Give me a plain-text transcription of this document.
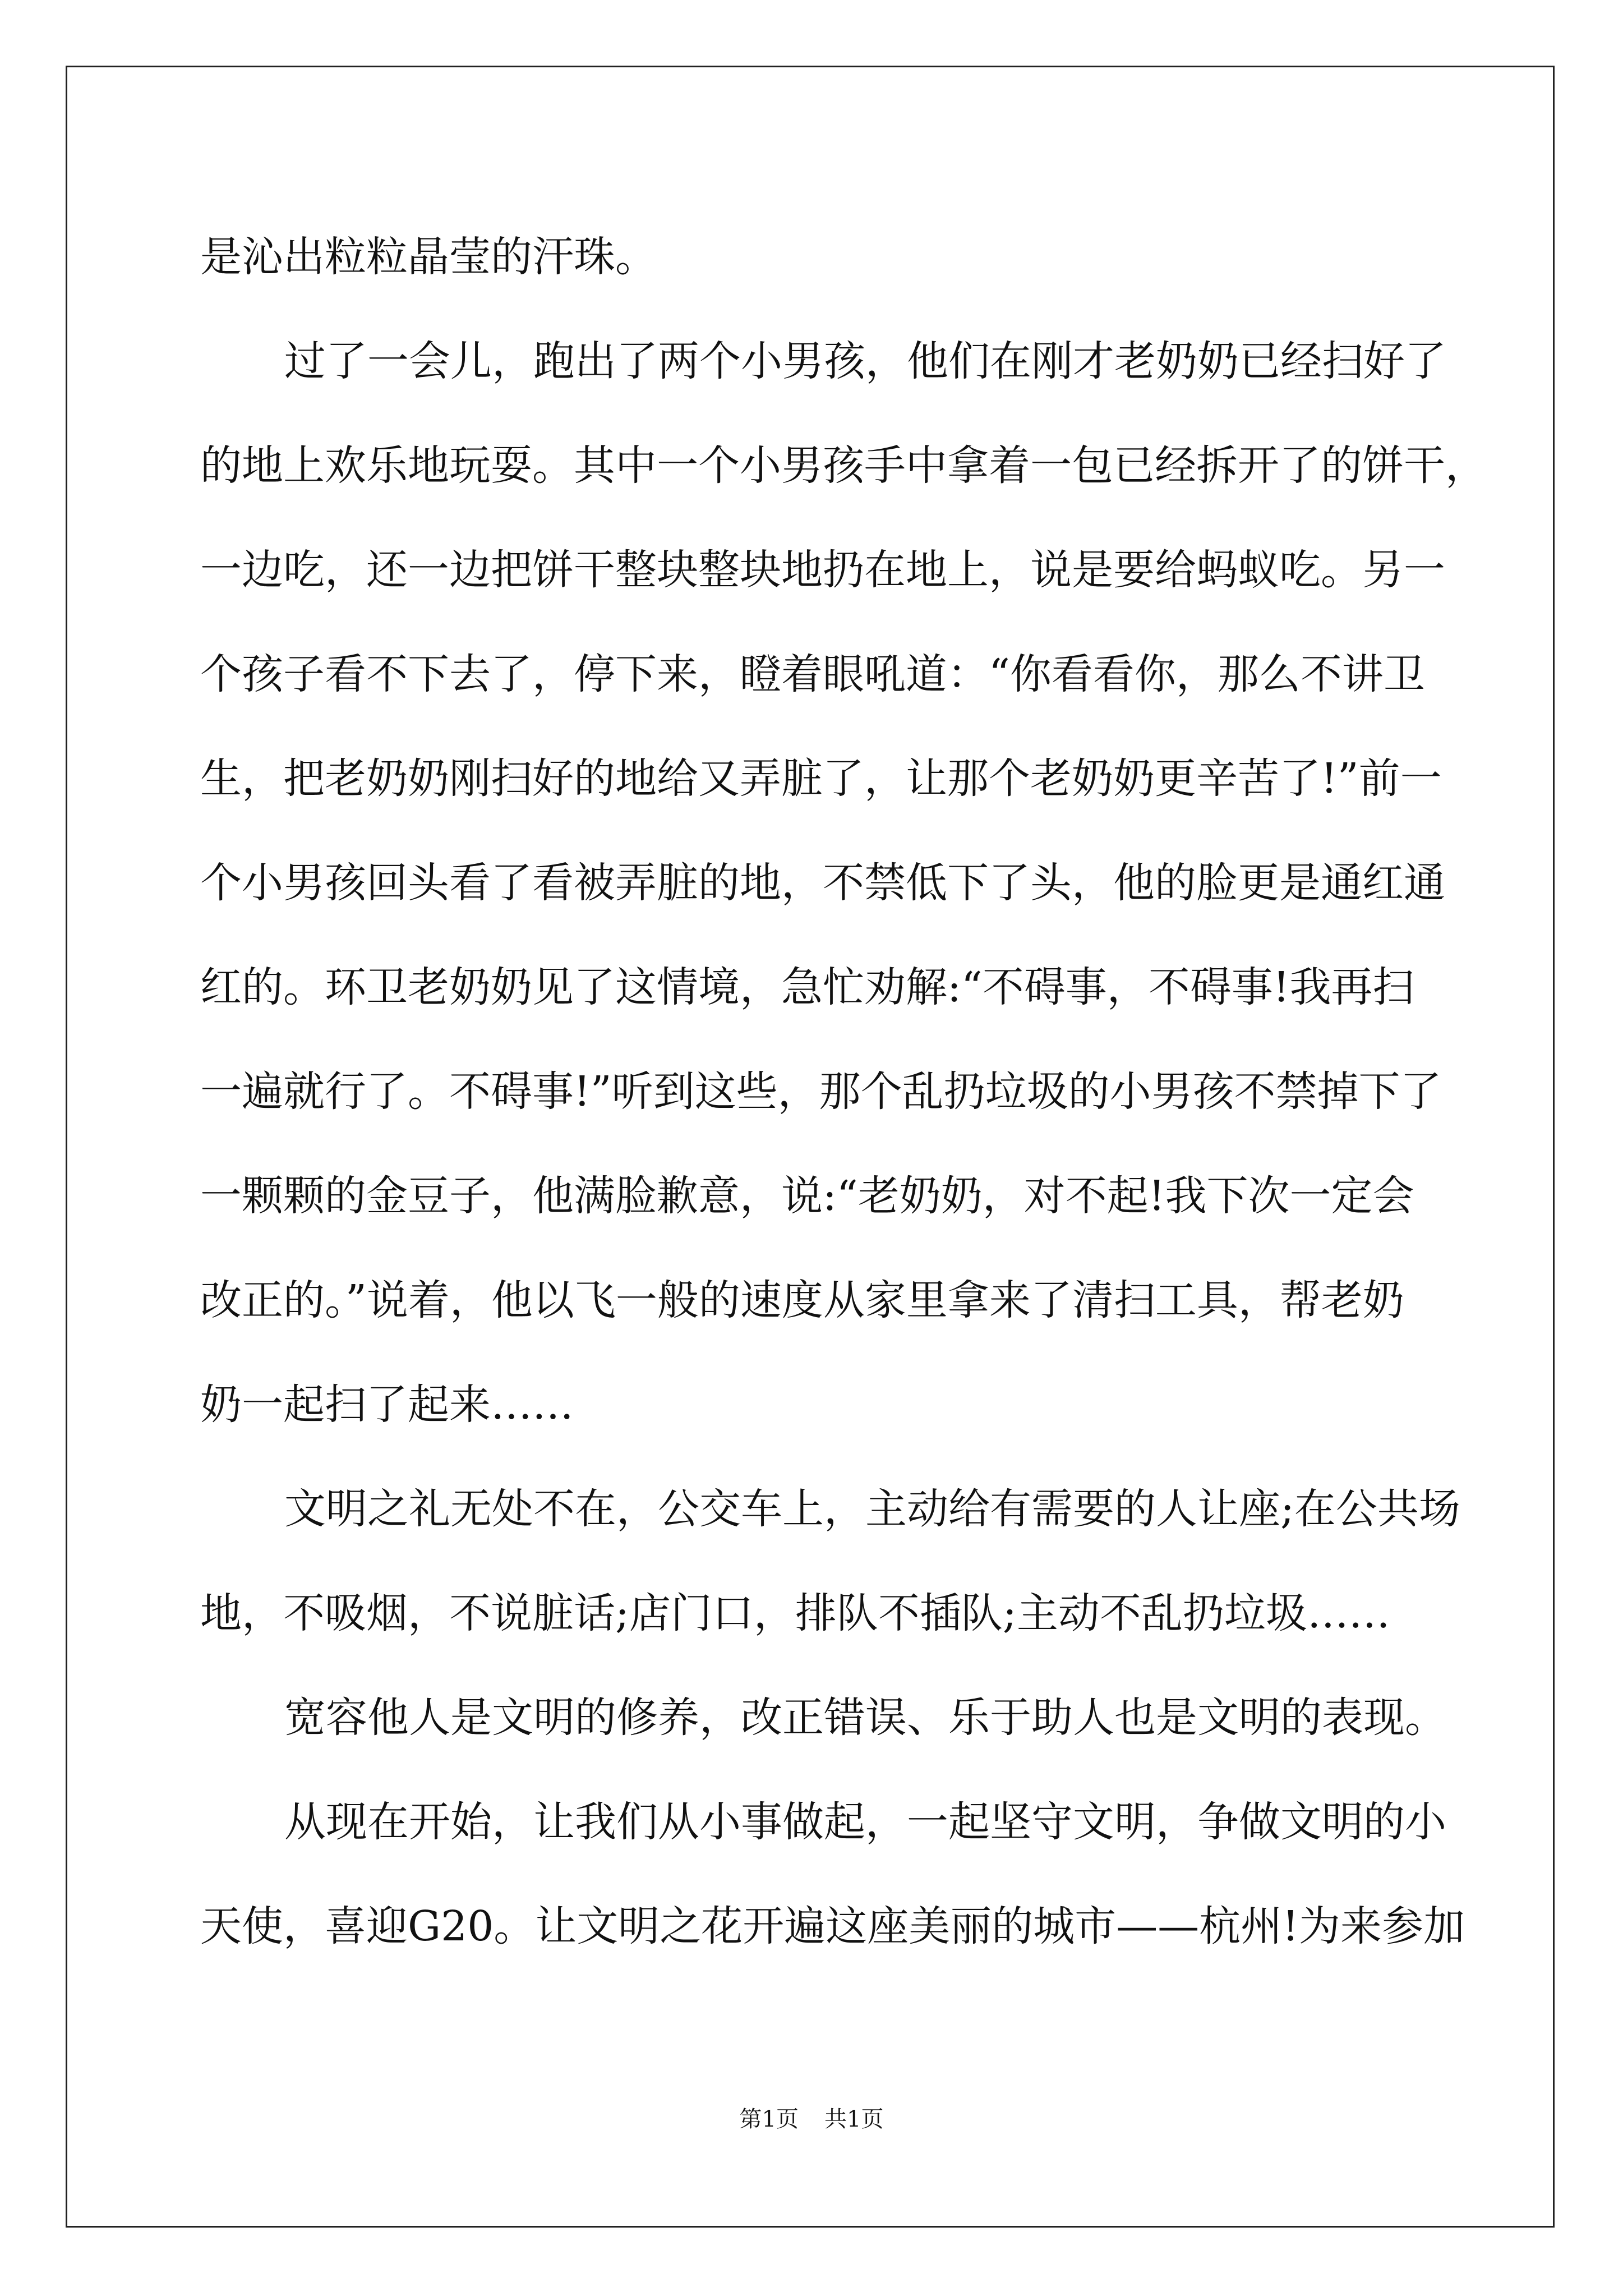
是沁出粒粒晶莹的汗珠。
过了一会儿，跑出了两个小男孩，他们在刚才老奶奶已经扫好了
的地上欢乐地玩耍。其中一个小男孩手中拿着一包已经拆开了的饼干，
一边吃，还一边把饼干整块整块地扔在地上，说是要给蚂蚁吃。另一
个孩子看不下去了，停下来，瞪着眼吼道：“你看看你，那么不讲卫
生，把老奶奶刚扫好的地给又弄脏了，让那个老奶奶更辛苦了!”前一
个小男孩回头看了看被弄脏的地，不禁低下了头，他的脸更是通红通
红的。环卫老奶奶见了这情境，急忙劝解:“不碍事，不碍事!我再扫
一遍就行了。不碍事!”听到这些，那个乱扔垃圾的小男孩不禁掉下了
一颗颗的金豆子，他满脸歉意，说:“老奶奶，对不起!我下次一定会
改正的。”说着，他以飞一般的速度从家里拿来了清扫工具，帮老奶
奶一起扫了起来……
文明之礼无处不在，公交车上，主动给有需要的人让座;在公共场
地，不吸烟，不说脏话;店门口，排队不插队;主动不乱扔垃圾……
宽容他人是文明的修养，改正错误、乐于助人也是文明的表现。
从现在开始，让我们从小事做起，一起坚守文明，争做文明的小
天使，喜迎G20。让文明之花开遍这座美丽的城市——杭州!为来参加
第1页 共1页
